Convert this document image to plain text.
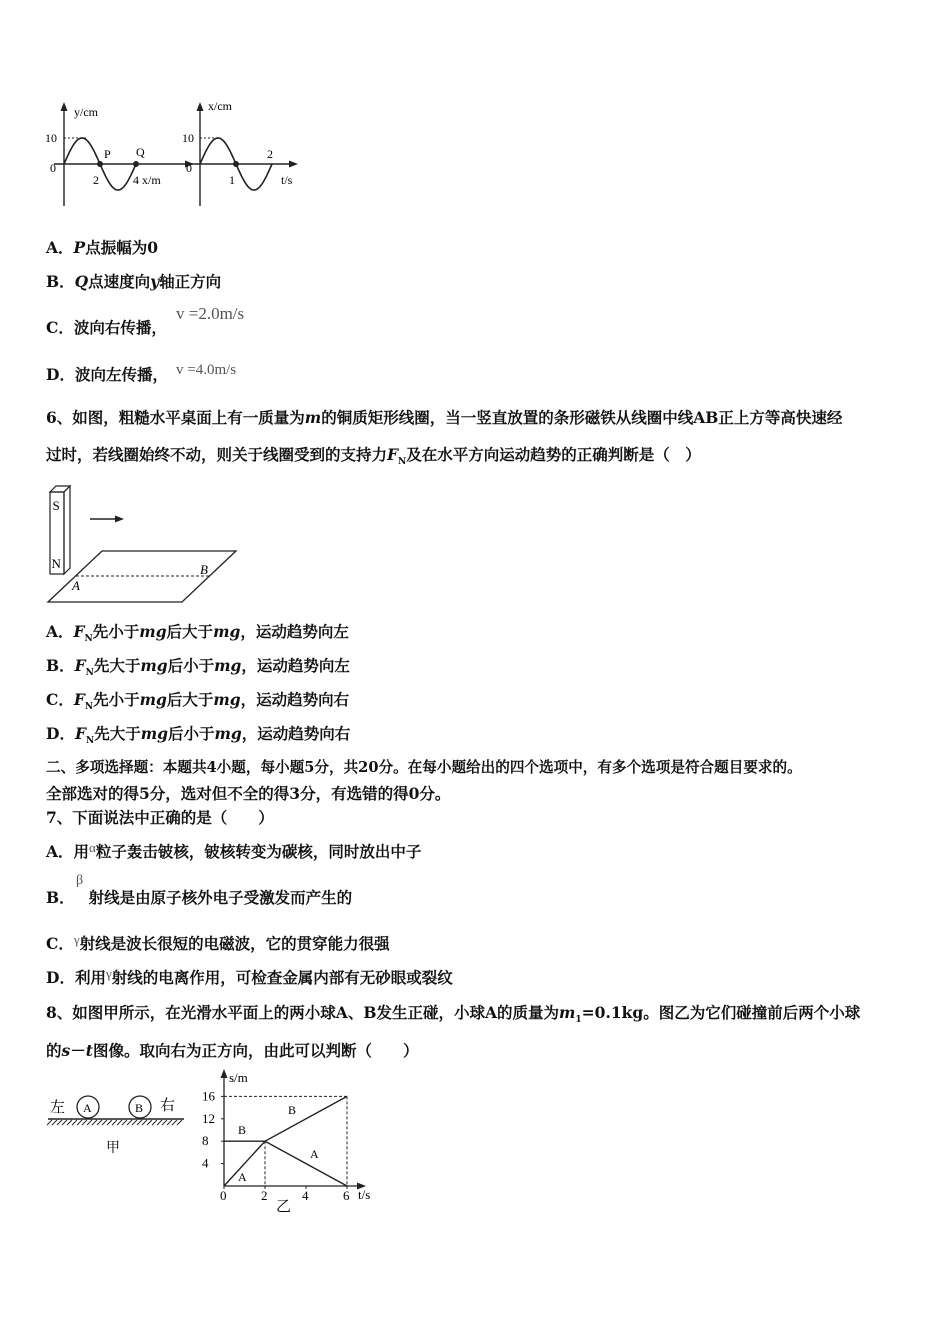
y/cm
10
0
P Q
2	4 x/m
x/cm
10
0
1
2
t/s
A．P点振幅为0
B．Q点速度向y轴正方向
C．波向右传播，
v =2.0m/s
D．波向左传播， v =4.0m/s
6、如图，粗糙水平桌面上有一质量为m的铜质矩形线圈，当一竖直放置的条形磁铁从线圈中线AB正上方等高快速经
过时，若线圈始终不动，则关于线圈受到的支持力$F_N$及在水平方向运动趋势的正确判断是（　）
S
N
A
B
A．$F_N$先小于mg后大于mg，运动趋势向左
B．$F_N$先大于mg后小于mg，运动趋势向左
C．$F_N$先小于mg后大于mg，运动趋势向右
D．$F_N$先大于mg后小于mg，运动趋势向右
二、多项选择题：本题共4小题，每小题5分，共20分。在每小题给出的四个选项中，有多个选项是符合题目要求的。
全部选对的得5分，选对但不全的得3分，有选错的得0分。
7、下面说法中正确的是（　　）
A．用$^\alpha$粒子轰击铍核，铍核转变为碳核，同时放出中子
β
B． 射线是由原子核外电子受激发而产生的
C．$^\gamma$射线是波长很短的电磁波，它的贯穿能力很强
D．利用$^\gamma$射线的电离作用，可检查金属内部有无砂眼或裂纹
8、如图甲所示，在光滑水平面上的两小球A、B发生正碰，小球A的质量为$m_1=0.1kg$。图乙为它们碰撞前后两个小球
的s－t图像。取向右为正方向，由此可以判断（　　）
左 A	B 右
甲
s/m
t/s
乙
16
12
8
4
0	2	4	6
A
B
B
A
